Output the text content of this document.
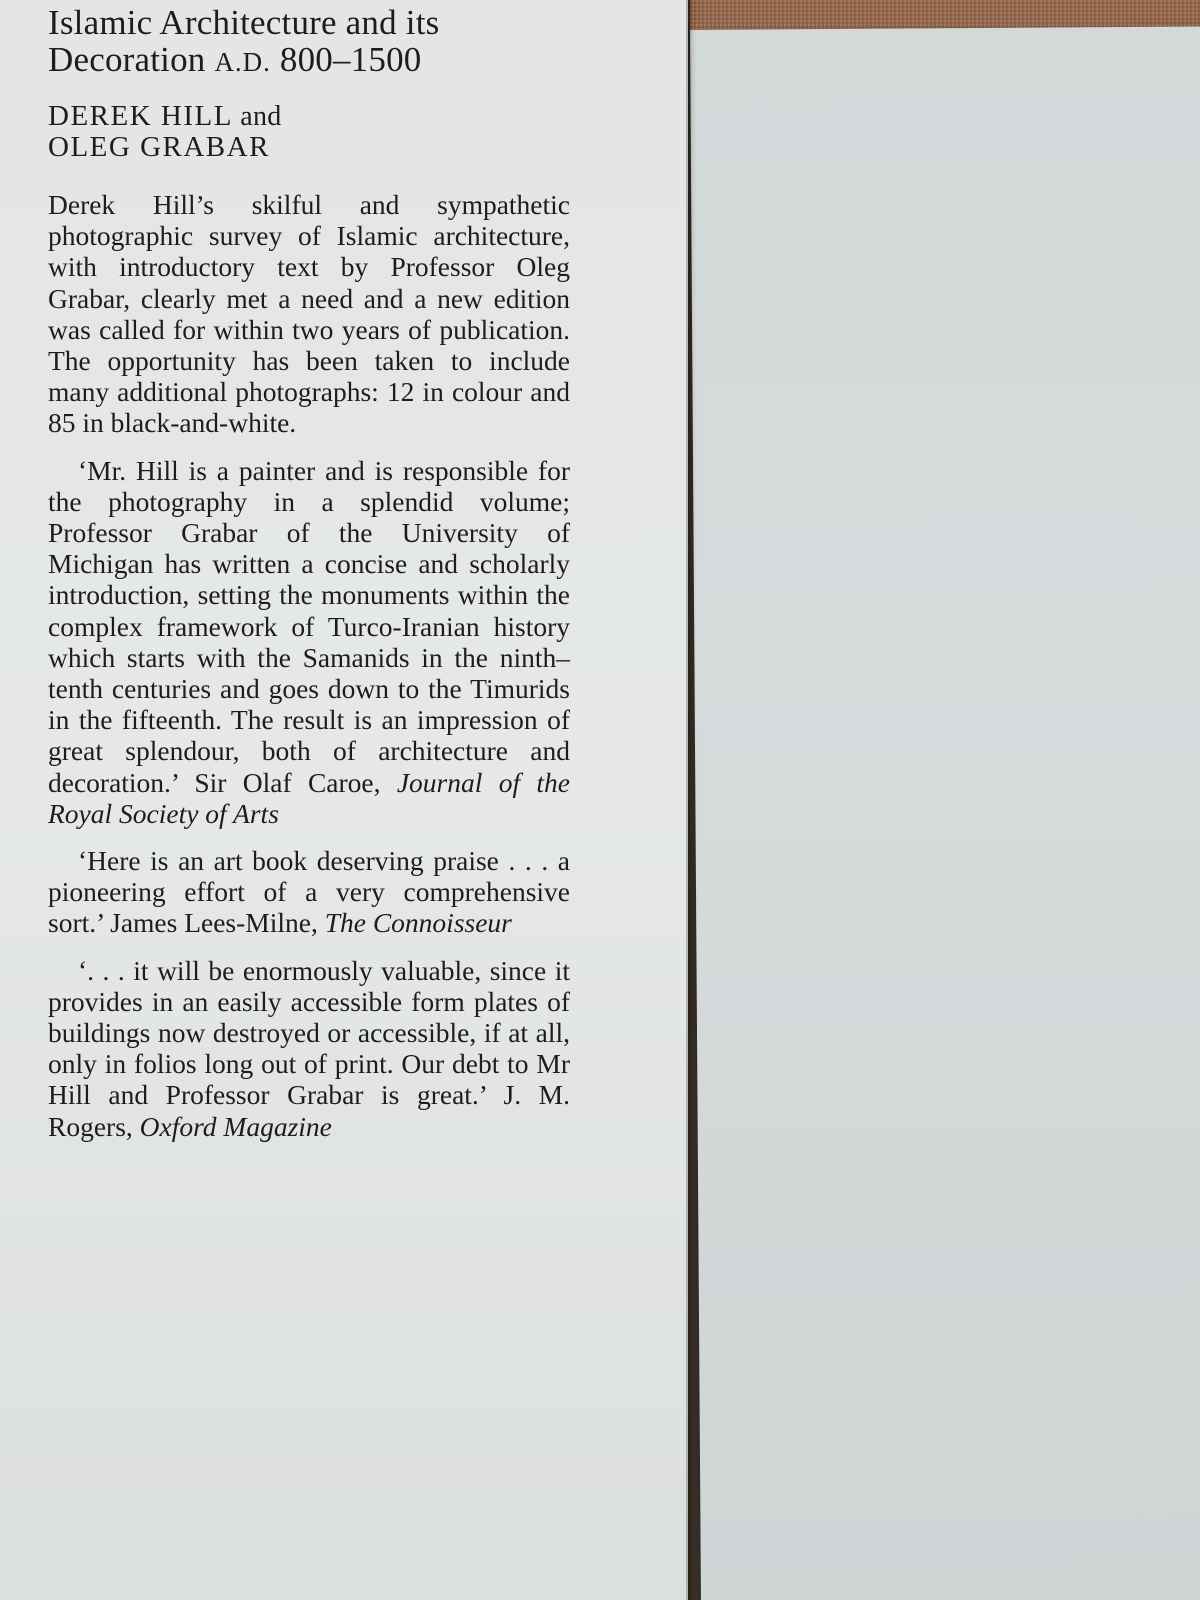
Islamic Architecture and its
Decoration A.D. 800–1500
DEREK HILL and
OLEG GRABAR

Derek Hill’s skilful and sympathetic photographic survey of Islamic architecture, with introductory text by Professor Oleg Grabar, clearly met a need and a new edition was called for within two years of publication. The opportunity has been taken to include many additional photographs: 12 in colour and 85 in black-and-white.

‘Mr. Hill is a painter and is responsible for the photography in a splendid volume; Professor Grabar of the University of Michigan has written a concise and scholarly introduction, setting the monuments within the complex framework of Turco-Iranian history which starts with the Samanids in the ninth–tenth centuries and goes down to the Timurids in the fifteenth. The result is an impression of great splendour, both of architecture and decoration.’ Sir Olaf Caroe, Journal of the Royal Society of Arts

‘Here is an art book deserving praise . . . a pioneering effort of a very comprehensive sort.’ James Lees-Milne, The Connoisseur

‘. . . it will be enormously valuable, since it provides in an easily accessible form plates of buildings now destroyed or accessible, if at all, only in folios long out of print. Our debt to Mr Hill and Professor Grabar is great.’ J. M. Rogers, Oxford Magazine
